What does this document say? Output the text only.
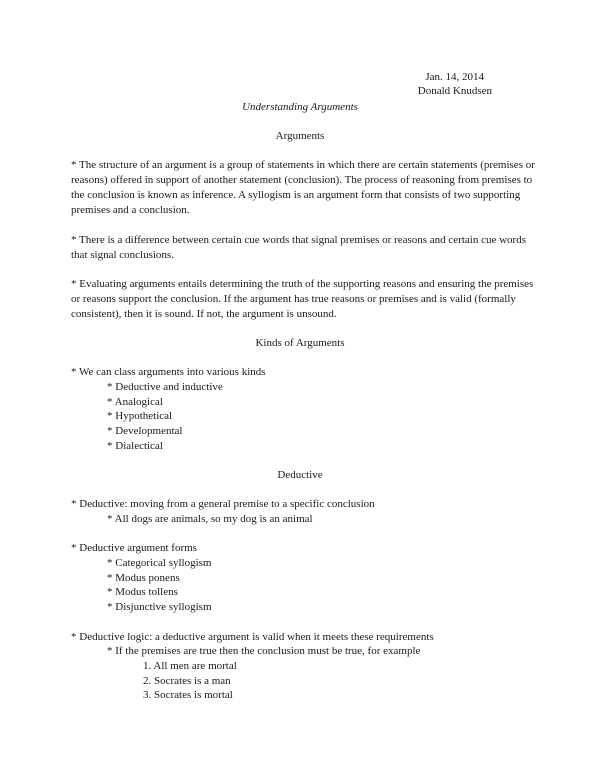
Jan. 14, 2014
Donald Knudsen
Understanding Arguments
Arguments
* The structure of an argument is a group of statements in which there are certain statements (premises or reasons) offered in support of another statement (conclusion). The process of reasoning from premises to the conclusion is known as inference. A syllogism is an argument form that consists of two supporting premises and a conclusion.
* There is a difference between certain cue words that signal premises or reasons and certain cue words that signal conclusions.
* Evaluating arguments entails determining the truth of the supporting reasons and ensuring the premises or reasons support the conclusion. If the argument has true reasons or premises and is valid (formally consistent), then it is sound. If not, the argument is unsound.
Kinds of Arguments
* We can class arguments into various kinds
* Deductive and inductive
* Analogical
* Hypothetical
* Developmental
* Dialectical
Deductive
* Deductive: moving from a general premise to a specific conclusion
* All dogs are animals, so my dog is an animal
* Deductive argument forms
* Categorical syllogism
* Modus ponens
* Modus tollens
* Disjunctive syllogism
* Deductive logic: a deductive argument is valid when it meets these requirements
* If the premises are true then the conclusion must be true, for example
1. All men are mortal
2. Socrates is a man
3. Socrates is mortal
